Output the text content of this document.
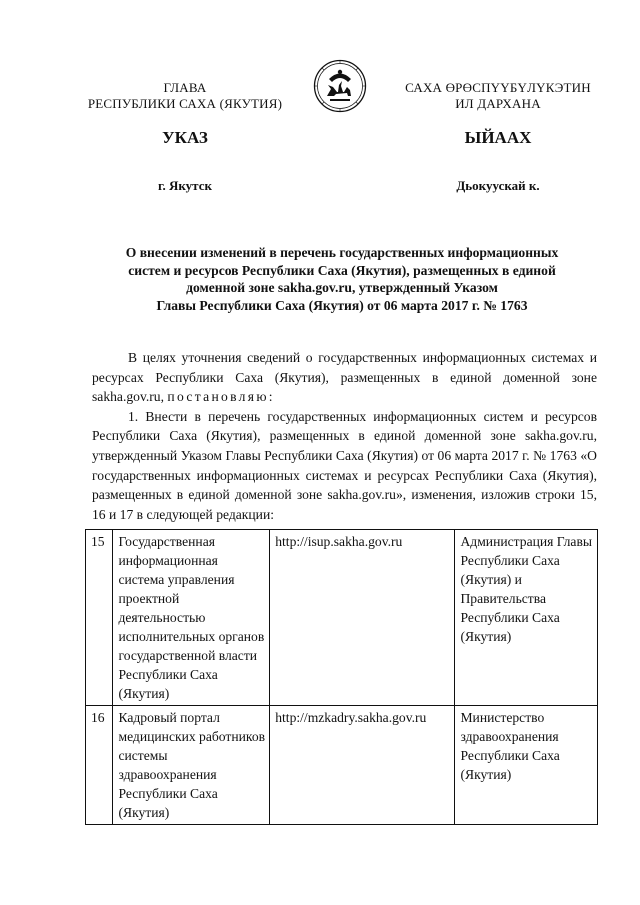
ГЛАВА
РЕСПУБЛИКИ САХА (ЯКУТИЯ)
САХА ӨРӨСПҮҮБҮЛҮКЭТИН
ИЛ ДАРХАНА
УКАЗ	ЫЙААХ
г. Якутск	Дьокуускай к.
О внесении изменений в перечень государственных информационных
систем и ресурсов Республики Саха (Якутия), размещенных в единой
доменной зоне sakha.gov.ru, утвержденный Указом
Главы Республики Саха (Якутия) от 06 марта 2017 г. № 1763

В целях уточнения сведений о государственных информационных системах и ресурсах Республики Саха (Якутия), размещенных в единой доменной зоне sakha.gov.ru, постановляю:

1. Внести в перечень государственных информационных систем и ресурсов Республики Саха (Якутия), размещенных в единой доменной зоне sakha.gov.ru, утвержденный Указом Главы Республики Саха (Якутия) от 06 марта 2017 г. № 1763 «О государственных информационных системах и ресурсах Республики Саха (Якутия), размещенных в единой доменной зоне sakha.gov.ru», изменения, изложив строки 15, 16 и 17 в следующей редакции:

15	Государственная информационная система управления проектной деятельностью исполнительных органов государственной власти Республики Саха (Якутия)	http://isup.sakha.gov.ru	Администрация Главы Республики Саха (Якутия) и Правительства Республики Саха (Якутия)
16	Кадровый портал медицинских работников системы здравоохранения Республики Саха (Якутия)	http://mzkadry.sakha.gov.ru	Министерство здравоохранения Республики Саха (Якутия)
